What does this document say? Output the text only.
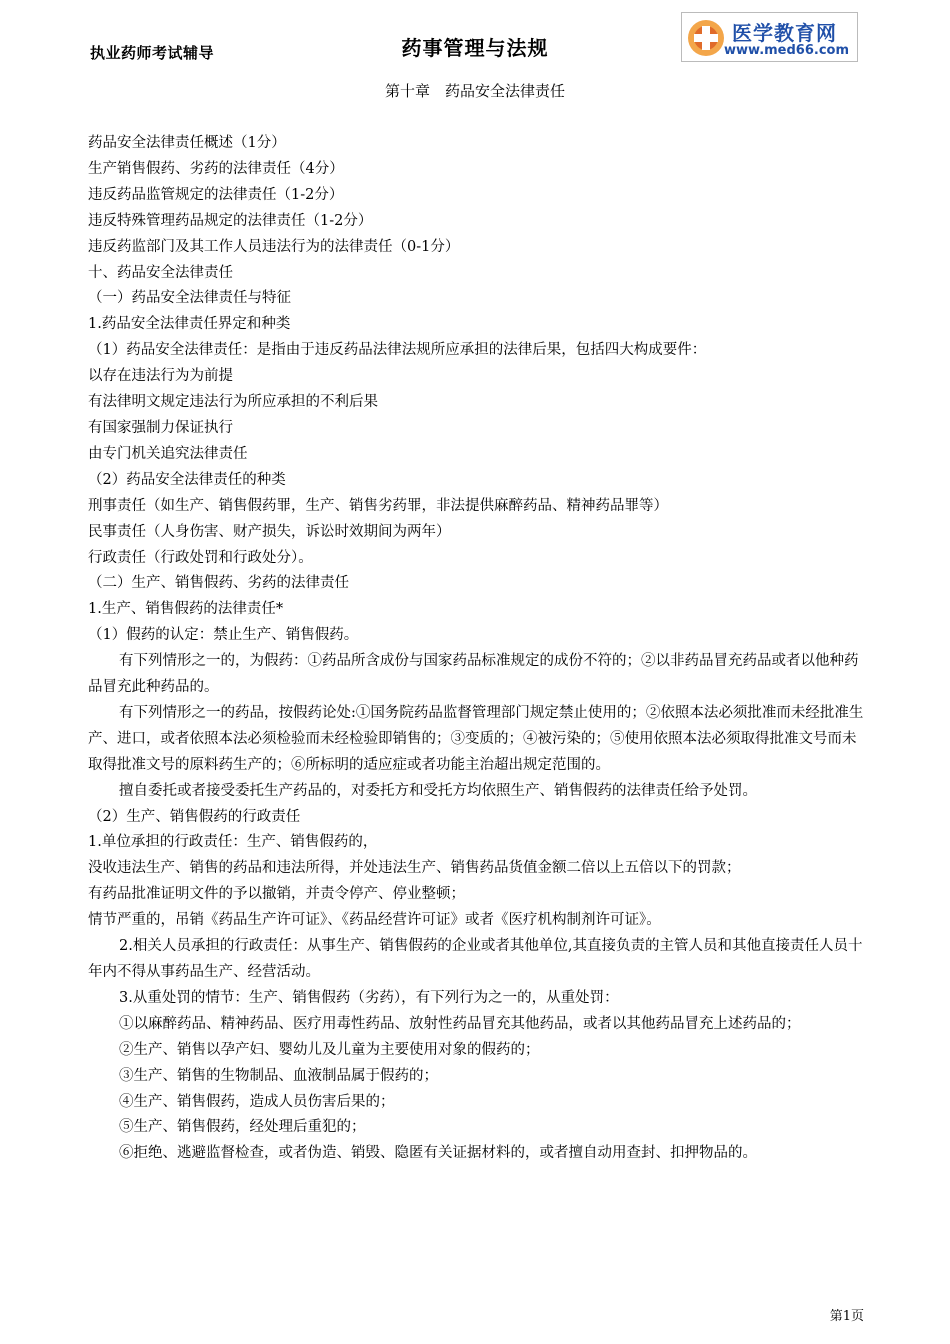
执业药师考试辅导	药事管理与法规
医学教育网
www.med66.com
第十章　药品安全法律责任

药品安全法律责任概述（1分）

生产销售假药、劣药的法律责任（4分）

违反药品监管规定的法律责任（1-2分）

违反特殊管理药品规定的法律责任（1-2分）

违反药监部门及其工作人员违法行为的法律责任（0-1分）

十、药品安全法律责任

（一）药品安全法律责任与特征

1.药品安全法律责任界定和种类

（1）药品安全法律责任：是指由于违反药品法律法规所应承担的法律后果，包括四大构成要件：

以存在违法行为为前提

有法律明文规定违法行为所应承担的不利后果

有国家强制力保证执行

由专门机关追究法律责任

（2）药品安全法律责任的种类

刑事责任（如生产、销售假药罪，生产、销售劣药罪，非法提供麻醉药品、精神药品罪等）

民事责任（人身伤害、财产损失，诉讼时效期间为两年）

行政责任（行政处罚和行政处分）。

（二）生产、销售假药、劣药的法律责任

1.生产、销售假药的法律责任*

（1）假药的认定：禁止生产、销售假药。

有下列情形之一的，为假药：①药品所含成份与国家药品标准规定的成份不符的；②以非药品冒充药品或者以他种药品冒充此种药品的。

有下列情形之一的药品，按假药论处:①国务院药品监督管理部门规定禁止使用的；②依照本法必须批准而未经批准生产、进口，或者依照本法必须检验而未经检验即销售的；③变质的；④被污染的；⑤使用依照本法必须取得批准文号而未取得批准文号的原料药生产的；⑥所标明的适应症或者功能主治超出规定范围的。

擅自委托或者接受委托生产药品的，对委托方和受托方均依照生产、销售假药的法律责任给予处罚。

（2）生产、销售假药的行政责任

1.单位承担的行政责任：生产、销售假药的，

没收违法生产、销售的药品和违法所得，并处违法生产、销售药品货值金额二倍以上五倍以下的罚款；

有药品批准证明文件的予以撤销，并责令停产、停业整顿；

情节严重的，吊销《药品生产许可证》、《药品经营许可证》或者《医疗机构制剂许可证》。

2.相关人员承担的行政责任：从事生产、销售假药的企业或者其他单位,其直接负责的主管人员和其他直接责任人员十年内不得从事药品生产、经营活动。

3.从重处罚的情节：生产、销售假药（劣药），有下列行为之一的，从重处罚：

①以麻醉药品、精神药品、医疗用毒性药品、放射性药品冒充其他药品，或者以其他药品冒充上述药品的；

②生产、销售以孕产妇、婴幼儿及儿童为主要使用对象的假药的；

③生产、销售的生物制品、血液制品属于假药的；

④生产、销售假药，造成人员伤害后果的；

⑤生产、销售假药，经处理后重犯的；

⑥拒绝、逃避监督检查，或者伪造、销毁、隐匿有关证据材料的，或者擅自动用查封、扣押物品的。

第1页
